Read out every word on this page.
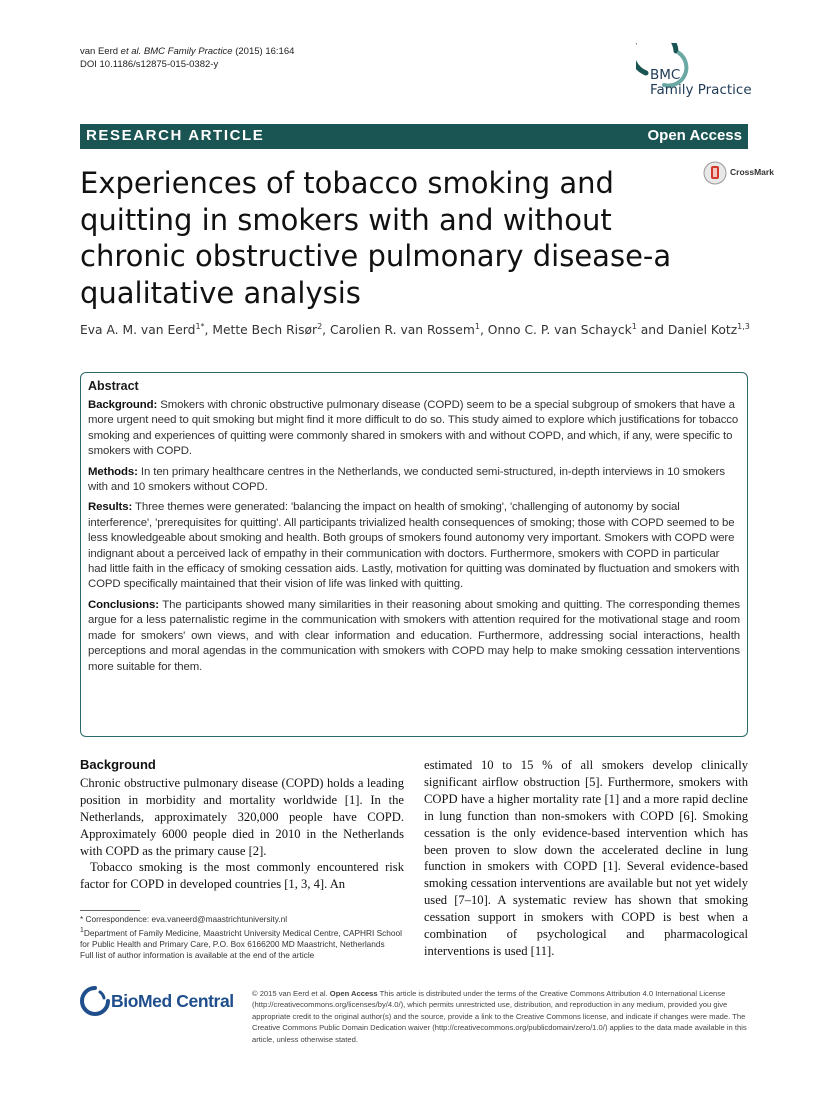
van Eerd et al. BMC Family Practice (2015) 16:164
DOI 10.1186/s12875-015-0382-y
BMC
Family Practice
RESEARCH ARTICLE	Open Access
CrossMark
Experiences of tobacco smoking and quitting in smokers with and without chronic obstructive pulmonary disease-a qualitative analysis
Eva A. M. van Eerd$^{1*}$, Mette Bech Risør$^2$, Carolien R. van Rossem$^1$, Onno C. P. van Schayck$^1$ and Daniel Kotz$^{1,3}$
Abstract

Background: Smokers with chronic obstructive pulmonary disease (COPD) seem to be a special subgroup of smokers that have a more urgent need to quit smoking but might find it more difficult to do so. This study aimed to explore which justifications for tobacco smoking and experiences of quitting were commonly shared in smokers with and without COPD, and which, if any, were specific to smokers with COPD.

Methods: In ten primary healthcare centres in the Netherlands, we conducted semi-structured, in-depth interviews in 10 smokers with and 10 smokers without COPD.

Results: Three themes were generated: 'balancing the impact on health of smoking', 'challenging of autonomy by social interference', 'prerequisites for quitting'. All participants trivialized health consequences of smoking; those with COPD seemed to be less knowledgeable about smoking and health. Both groups of smokers found autonomy very important. Smokers with COPD were indignant about a perceived lack of empathy in their communication with doctors. Furthermore, smokers with COPD in particular had little faith in the efficacy of smoking cessation aids. Lastly, motivation for quitting was dominated by fluctuation and smokers with COPD specifically maintained that their vision of life was linked with quitting.

Conclusions: The participants showed many similarities in their reasoning about smoking and quitting. The corresponding themes argue for a less paternalistic regime in the communication with smokers with attention required for the motivational stage and room made for smokers' own views, and with clear information and education. Furthermore, addressing social interactions, health perceptions and moral agendas in the communication with smokers with COPD may help to make smoking cessation interventions more suitable for them.

Background

Chronic obstructive pulmonary disease (COPD) holds a leading position in morbidity and mortality worldwide [1]. In the Netherlands, approximately 320,000 people have COPD. Approximately 6000 people died in 2010 in the Netherlands with COPD as the primary cause [2].

Tobacco smoking is the most commonly encountered risk factor for COPD in developed countries [1, 3, 4]. An

estimated 10 to 15 % of all smokers develop clinically significant airflow obstruction [5]. Furthermore, smokers with COPD have a higher mortality rate [1] and a more rapid decline in lung function than non-smokers with COPD [6]. Smoking cessation is the only evidence-based intervention which has been proven to slow down the accelerated decline in lung function in smokers with COPD [1]. Several evidence-based smoking cessation interventions are available but not yet widely used [7–10]. A systematic review has shown that smoking cessation support in smokers with COPD is best when a combination of psychological and pharmacological interventions is used [11].

* Correspondence: eva.vaneerd@maastrichtuniversity.nl

$^1$Department of Family Medicine, Maastricht University Medical Centre, CAPHRI School for Public Health and Primary Care, P.O. Box 6166200 MD Maastricht, Netherlands

Full list of author information is available at the end of the article

BioMed Central © 2015 van Eerd et al. Open Access This article is distributed under the terms of the Creative Commons Attribution 4.0 International License (http://creativecommons.org/licenses/by/4.0/), which permits unrestricted use, distribution, and reproduction in any medium, provided you give appropriate credit to the original author(s) and the source, provide a link to the Creative Commons license, and indicate if changes were made. The Creative Commons Public Domain Dedication waiver (http://creativecommons.org/publicdomain/zero/1.0/) applies to the data made available in this article, unless otherwise stated.
